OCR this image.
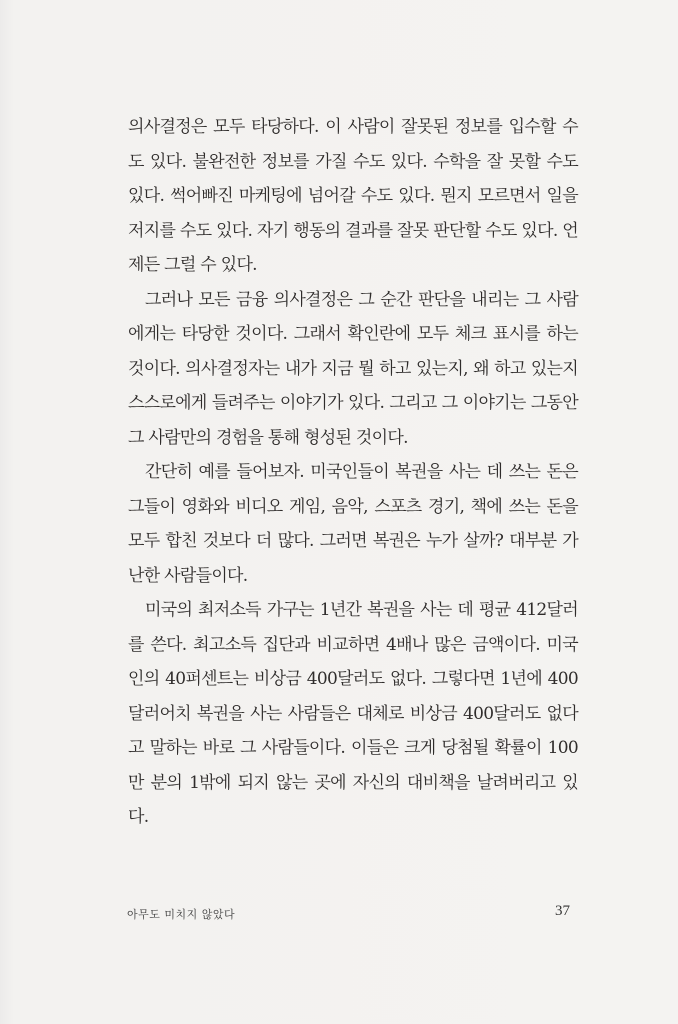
의사결정은 모두 타당하다. 이 사람이 잘못된 정보를 입수할 수도 있다. 불완전한 정보를 가질 수도 있다. 수학을 잘 못할 수도 있다. 썩어빠진 마케팅에 넘어갈 수도 있다. 뭔지 모르면서 일을 저지를 수도 있다. 자기 행동의 결과를 잘못 판단할 수도 있다. 언제든 그럴 수 있다.

그러나 모든 금융 의사결정은 그 순간 판단을 내리는 그 사람에게는 타당한 것이다. 그래서 확인란에 모두 체크 표시를 하는 것이다. 의사결정자는 내가 지금 뭘 하고 있는지, 왜 하고 있는지 스스로에게 들려주는 이야기가 있다. 그리고 그 이야기는 그동안 그 사람만의 경험을 통해 형성된 것이다.

간단히 예를 들어보자. 미국인들이 복권을 사는 데 쓰는 돈은 그들이 영화와 비디오 게임, 음악, 스포츠 경기, 책에 쓰는 돈을 모두 합친 것보다 더 많다. 그러면 복권은 누가 살까? 대부분 가난한 사람들이다.

미국의 최저소득 가구는 1년간 복권을 사는 데 평균 412달러를 쓴다. 최고소득 집단과 비교하면 4배나 많은 금액이다. 미국인의 40퍼센트는 비상금 400달러도 없다. 그렇다면 1년에 400달러어치 복권을 사는 사람들은 대체로 비상금 400달러도 없다고 말하는 바로 그 사람들이다. 이들은 크게 당첨될 확률이 100만 분의 1밖에 되지 않는 곳에 자신의 대비책을 날려버리고 있다.

아무도 미치지 않았다	37
